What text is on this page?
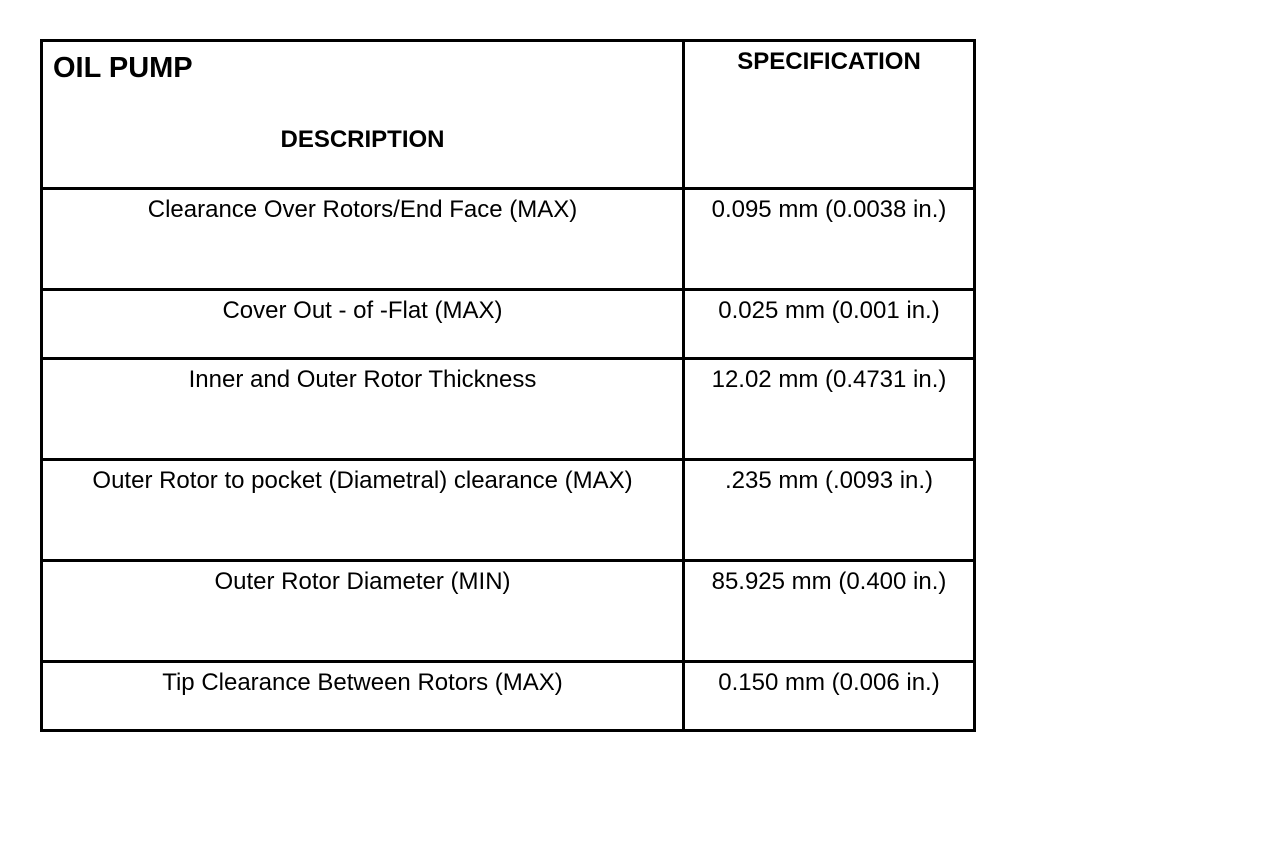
OIL PUMP
DESCRIPTION	SPECIFICATION
Clearance Over Rotors/End Face (MAX)	0.095 mm (0.0038 in.)
Cover Out - of -Flat (MAX)	0.025 mm (0.001 in.)
Inner and Outer Rotor Thickness	12.02 mm (0.4731 in.)
Outer Rotor to pocket (Diametral) clearance (MAX)	.235 mm (.0093 in.)
Outer Rotor Diameter (MIN)	85.925 mm (0.400 in.)
Tip Clearance Between Rotors (MAX)	0.150 mm (0.006 in.)
